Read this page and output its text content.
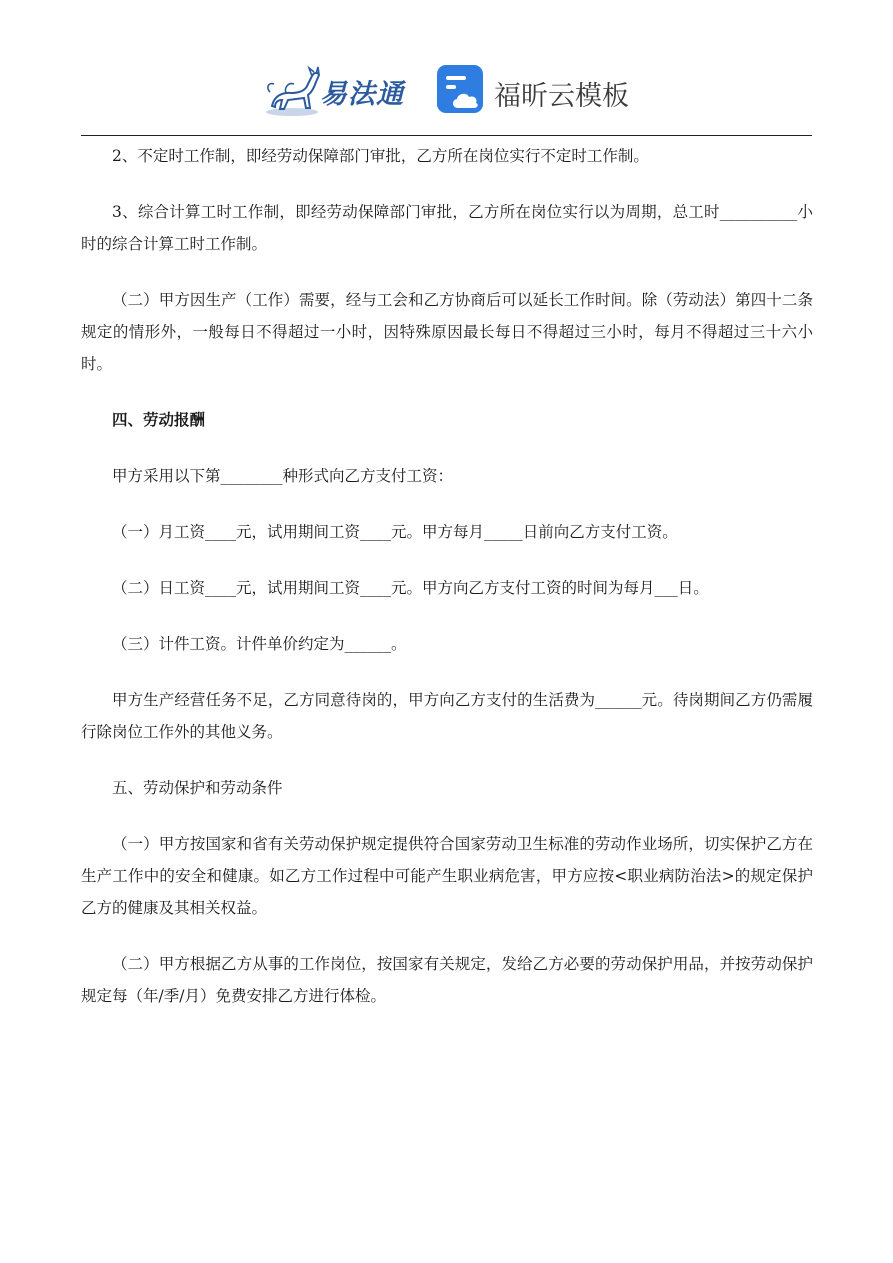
易法通	福昕云模板

2、不定时工作制，即经劳动保障部门审批，乙方所在岗位实行不定时工作制。

3、综合计算工时工作制，即经劳动保障部门审批，乙方所在岗位实行以为周期，总工时__________小时的综合计算工时工作制。

（二）甲方因生产（工作）需要，经与工会和乙方协商后可以延长工作时间。除（劳动法）第四十二条规定的情形外，一般每日不得超过一小时，因特殊原因最长每日不得超过三小时，每月不得超过三十六小时。

四、劳动报酬

甲方采用以下第________种形式向乙方支付工资：

（一）月工资____元，试用期间工资____元。甲方每月_____日前向乙方支付工资。

（二）日工资____元，试用期间工资____元。甲方向乙方支付工资的时间为每月___日。

（三）计件工资。计件单价约定为______。

甲方生产经营任务不足，乙方同意待岗的，甲方向乙方支付的生活费为______元。待岗期间乙方仍需履行除岗位工作外的其他义务。

五、劳动保护和劳动条件

（一）甲方按国家和省有关劳动保护规定提供符合国家劳动卫生标准的劳动作业场所，切实保护乙方在生产工作中的安全和健康。如乙方工作过程中可能产生职业病危害，甲方应按<职业病防治法>的规定保护乙方的健康及其相关权益。

（二）甲方根据乙方从事的工作岗位，按国家有关规定，发给乙方必要的劳动保护用品，并按劳动保护规定每（年/季/月）免费安排乙方进行体检。
